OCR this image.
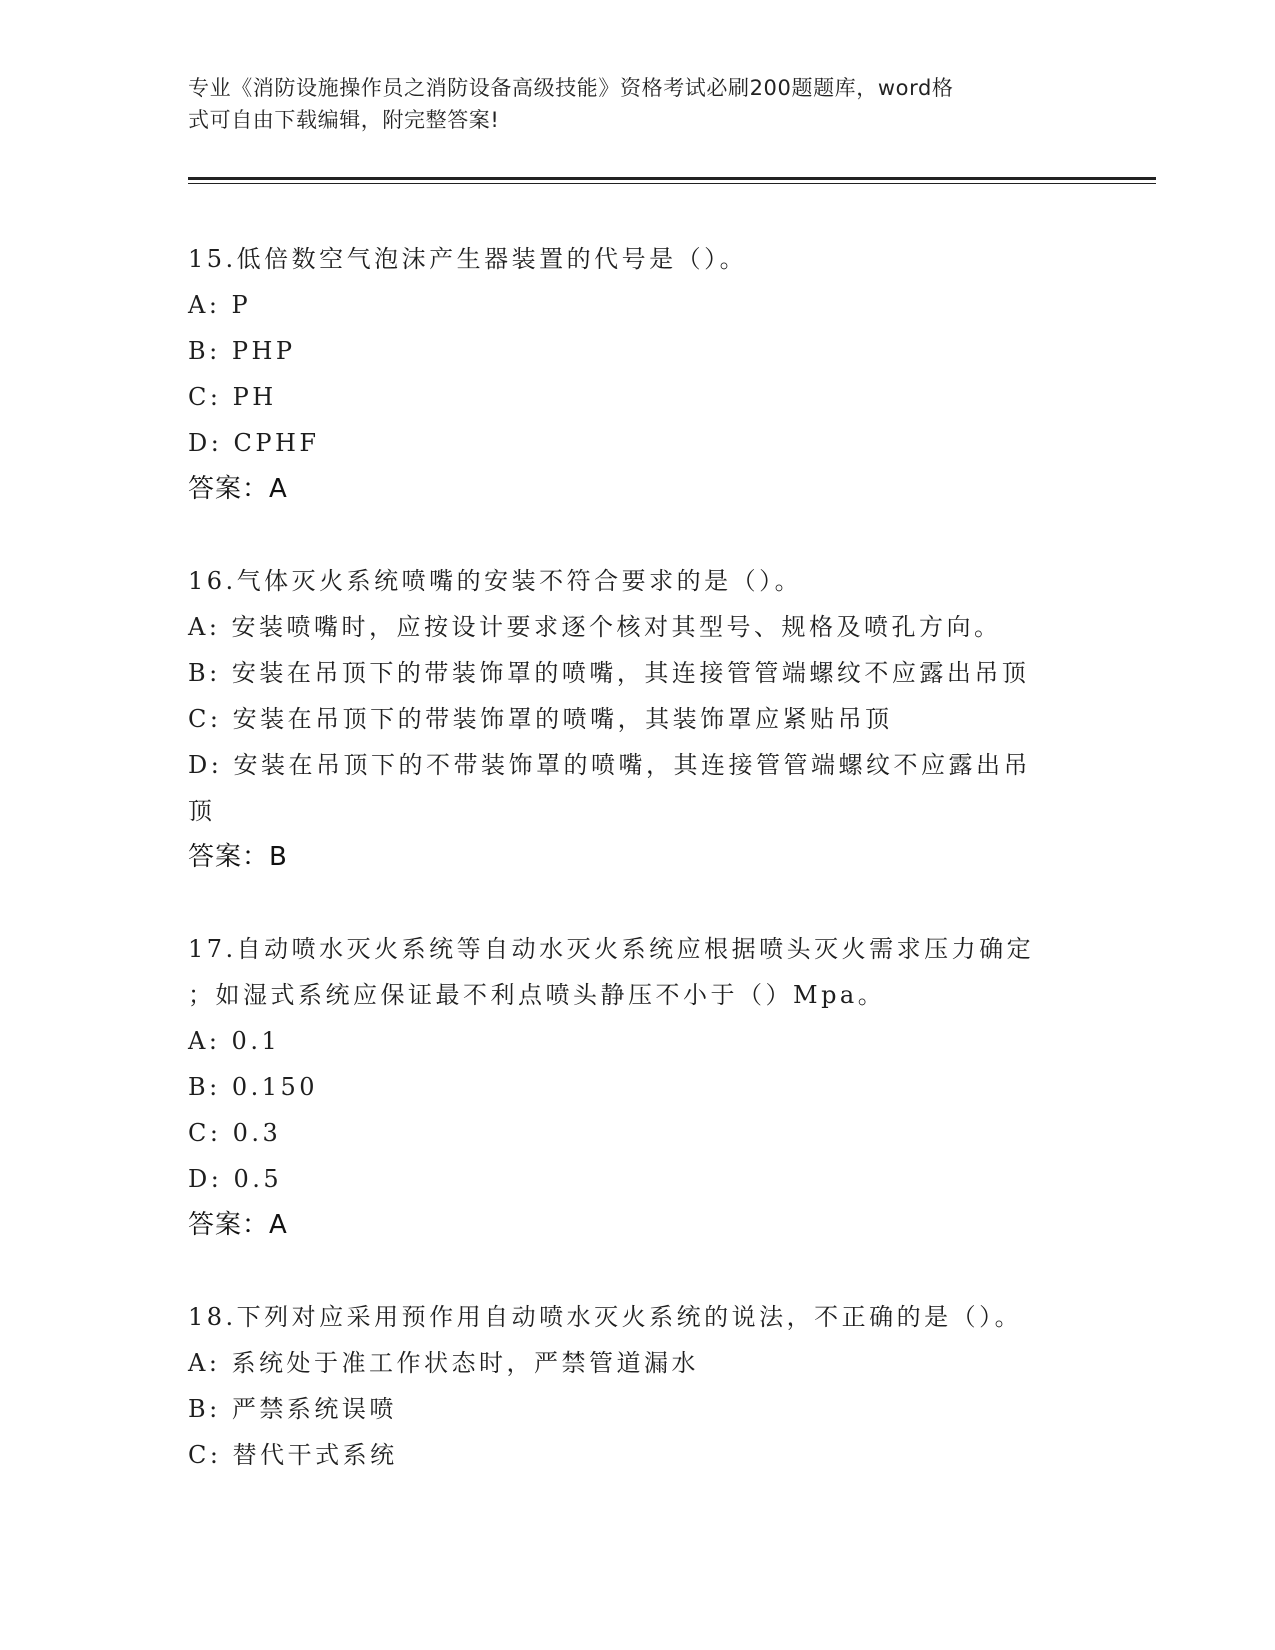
专业《消防设施操作员之消防设备高级技能》资格考试必刷200题题库，word格
式可自由下载编辑，附完整答案!

15.低倍数空气泡沫产生器装置的代号是（）。

A: P

B: PHP

C: PH

D: CPHF

答案：A

16.气体灭火系统喷嘴的安装不符合要求的是（）。

A: 安装喷嘴时，应按设计要求逐个核对其型号、规格及喷孔方向。

B: 安装在吊顶下的带装饰罩的喷嘴，其连接管管端螺纹不应露出吊顶

C: 安装在吊顶下的带装饰罩的喷嘴，其装饰罩应紧贴吊顶

D: 安装在吊顶下的不带装饰罩的喷嘴，其连接管管端螺纹不应露出吊

顶

答案：B

17.自动喷水灭火系统等自动水灭火系统应根据喷头灭火需求压力确定

；如湿式系统应保证最不利点喷头静压不小于（）Mpa。

A: 0.1

B: 0.150

C: 0.3

D: 0.5

答案：A

18.下列对应采用预作用自动喷水灭火系统的说法，不正确的是（）。

A: 系统处于准工作状态时，严禁管道漏水

B: 严禁系统误喷

C: 替代干式系统
